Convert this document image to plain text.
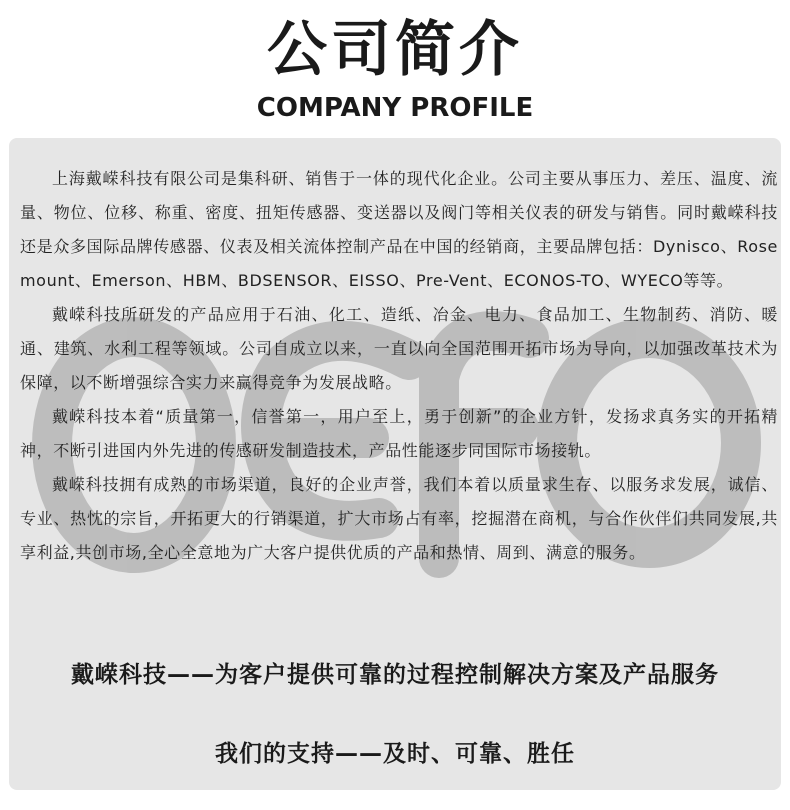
公司简介
COMPANY PROFILE

上海戴嵘科技有限公司是集科研、销售于一体的现代化企业。公司主要从事压力、差压、温度、流量、物位、位移、称重、密度、扭矩传感器、变送器以及阀门等相关仪表的研发与销售。同时戴嵘科技还是众多国际品牌传感器、仪表及相关流体控制产品在中国的经销商，主要品牌包括：Dynisco、Rosemount、Emerson、HBM、BDSENSOR、EISSO、Pre-Vent、ECONOS-TO、WYECO等等。

戴嵘科技所研发的产品应用于石油、化工、造纸、冶金、电力、食品加工、生物制药、消防、暖通、建筑、水利工程等领域。公司自成立以来，一直以向全国范围开拓市场为导向，以加强改革技术为保障，以不断增强综合实力来赢得竞争为发展战略。

戴嵘科技本着“质量第一，信誉第一，用户至上，勇于创新”的企业方针，发扬求真务实的开拓精神，不断引进国内外先进的传感研发制造技术，产品性能逐步同国际市场接轨。

戴嵘科技拥有成熟的市场渠道，良好的企业声誉，我们本着以质量求生存、以服务求发展，诚信、专业、热忱的宗旨，开拓更大的行销渠道，扩大市场占有率，挖掘潜在商机，与合作伙伴们共同发展,共享利益,共创市场,全心全意地为广大客户提供优质的产品和热情、周到、满意的服务。

戴嵘科技——为客户提供可靠的过程控制解决方案及产品服务
我们的支持——及时、可靠、胜任
